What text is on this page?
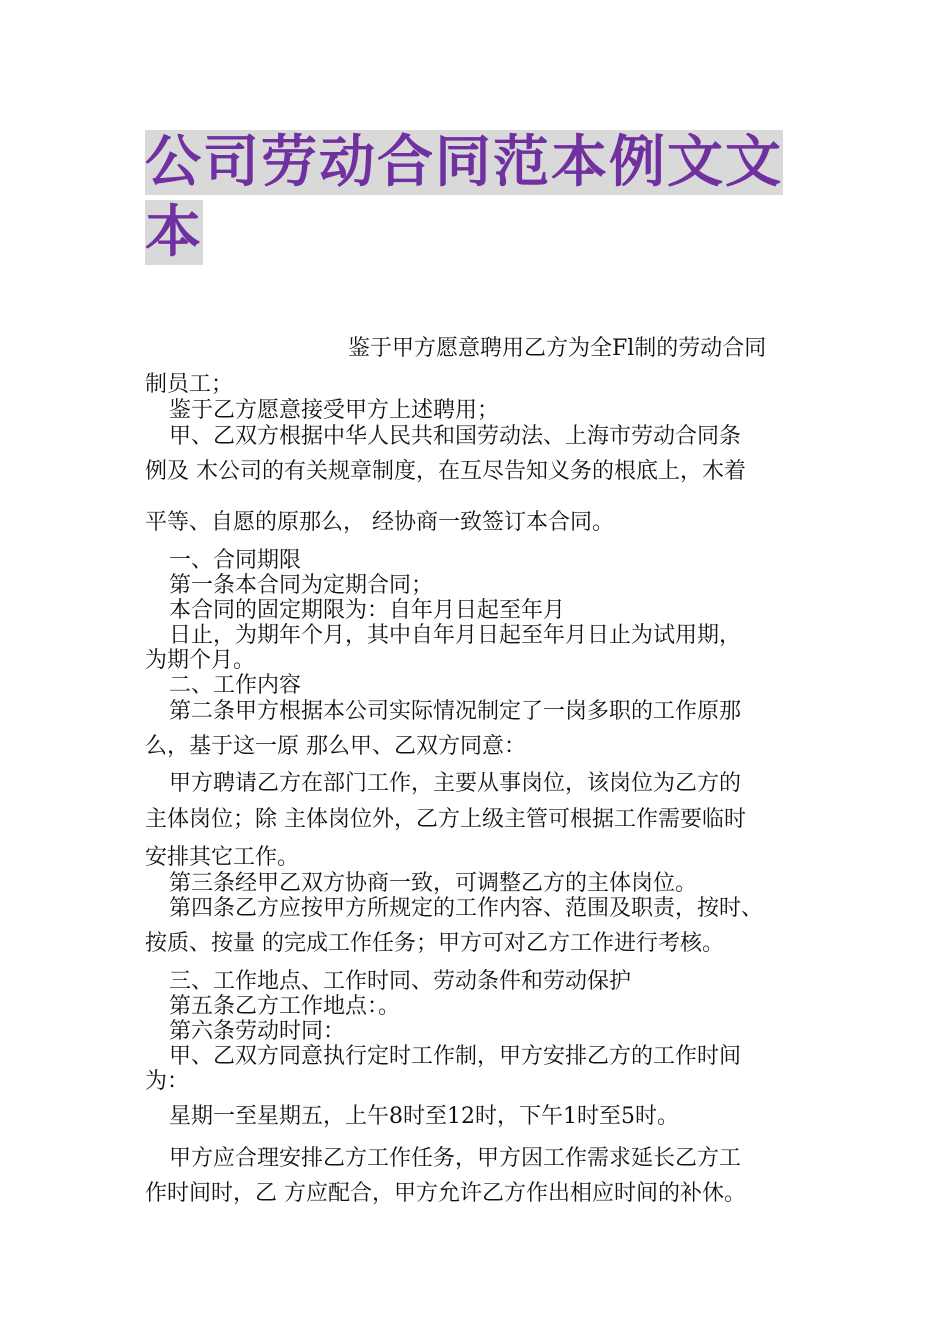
公司劳动合同范本例文文本
鉴于甲方愿意聘用乙方为全Fl制的劳动合同
制员工；
鉴于乙方愿意接受甲方上述聘用；
甲、乙双方根据中华人民共和国劳动法、上海市劳动合同条
例及 木公司的有关规章制度，在互尽告知义务的根底上，木着
平等、自愿的原那么， 经协商一致签订本合同。
一、合同期限
第一条本合同为定期合同；
本合同的固定期限为：自年月日起至年月
日止，为期年个月，其中自年月日起至年月日止为试用期，
为期个月。
二、工作内容
第二条甲方根据本公司实际情况制定了一岗多职的工作原那
么，基于这一原 那么甲、乙双方同意：
甲方聘请乙方在部门工作，主要从事岗位，该岗位为乙方的
主体岗位；除 主体岗位外，乙方上级主管可根据工作需要临时
安排其它工作。
第三条经甲乙双方协商一致，可调整乙方的主体岗位。
第四条乙方应按甲方所规定的工作内容、范围及职责，按时、
按质、按量 的完成工作任务；甲方可对乙方工作进行考核。
三、工作地点、工作时同、劳动条件和劳动保护
第五条乙方工作地点：。
第六条劳动时同：
甲、乙双方同意执行定时工作制，甲方安排乙方的工作时间
为：
星期一至星期五，上午8时至12时，下午1时至5时。
甲方应合理安排乙方工作任务，甲方因工作需求延长乙方工
作时间时，乙 方应配合，甲方允许乙方作出相应时间的补休。
